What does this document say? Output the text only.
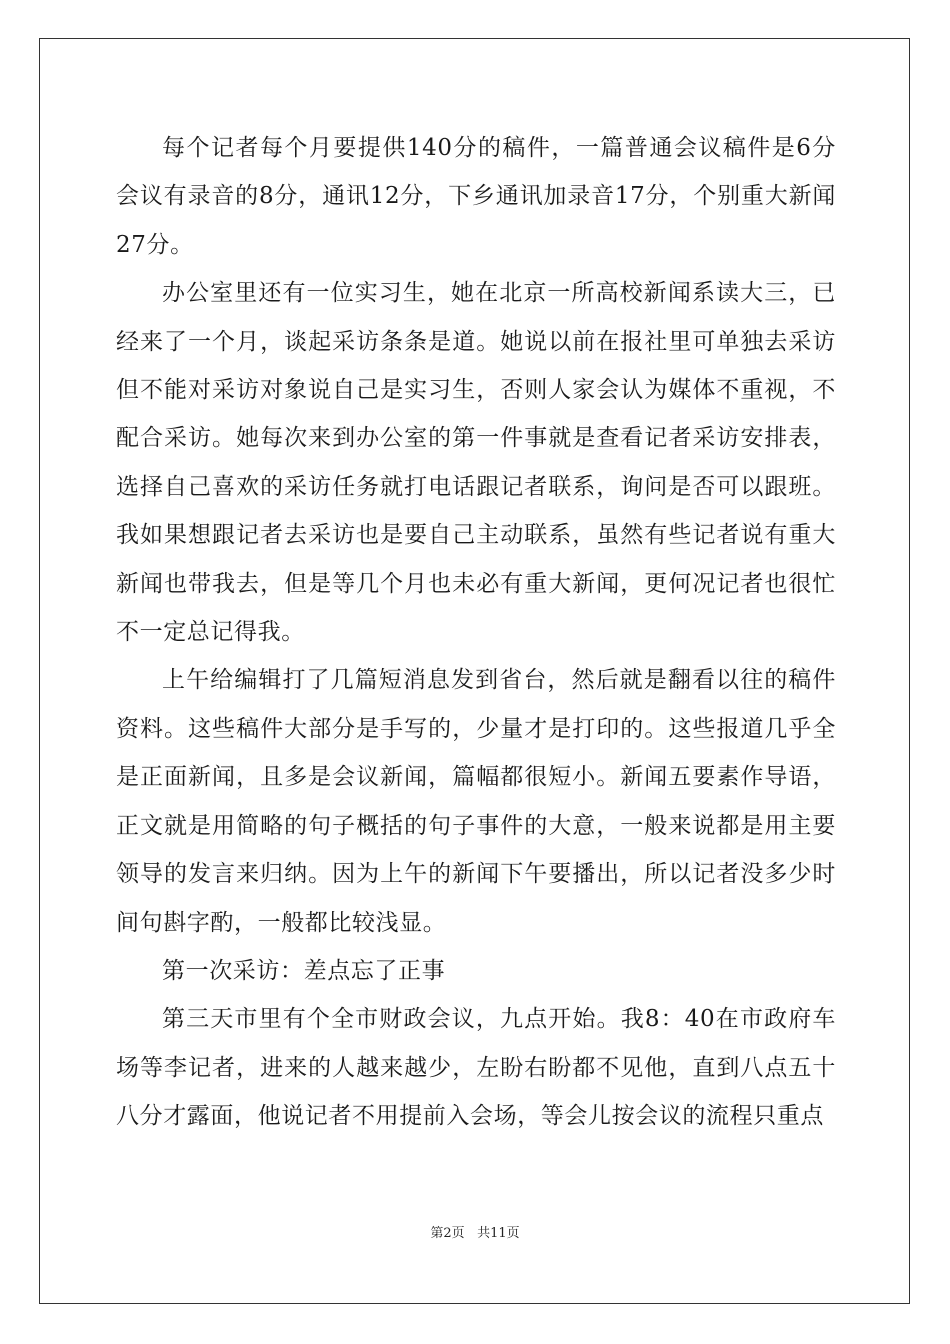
每个记者每个月要提供140分的稿件，一篇普通会议稿件是6分会议有录音的8分，通讯12分，下乡通讯加录音17分，个别重大新闻27分。

办公室里还有一位实习生，她在北京一所高校新闻系读大三，已经来了一个月，谈起采访条条是道。她说以前在报社里可单独去采访但不能对采访对象说自己是实习生，否则人家会认为媒体不重视，不配合采访。她每次来到办公室的第一件事就是查看记者采访安排表，选择自己喜欢的采访任务就打电话跟记者联系，询问是否可以跟班。我如果想跟记者去采访也是要自己主动联系，虽然有些记者说有重大新闻也带我去，但是等几个月也未必有重大新闻，更何况记者也很忙不一定总记得我。

上午给编辑打了几篇短消息发到省台，然后就是翻看以往的稿件资料。这些稿件大部分是手写的，少量才是打印的。这些报道几乎全是正面新闻，且多是会议新闻，篇幅都很短小。新闻五要素作导语，正文就是用简略的句子概括的句子事件的大意，一般来说都是用主要领导的发言来归纳。因为上午的新闻下午要播出，所以记者没多少时间句斟字酌，一般都比较浅显。

第一次采访：差点忘了正事

第三天市里有个全市财政会议，九点开始。我8：40在市政府车场等李记者，进来的人越来越少，左盼右盼都不见他，直到八点五十八分才露面，他说记者不用提前入会场，等会儿按会议的流程只重点

第2页 共11页
